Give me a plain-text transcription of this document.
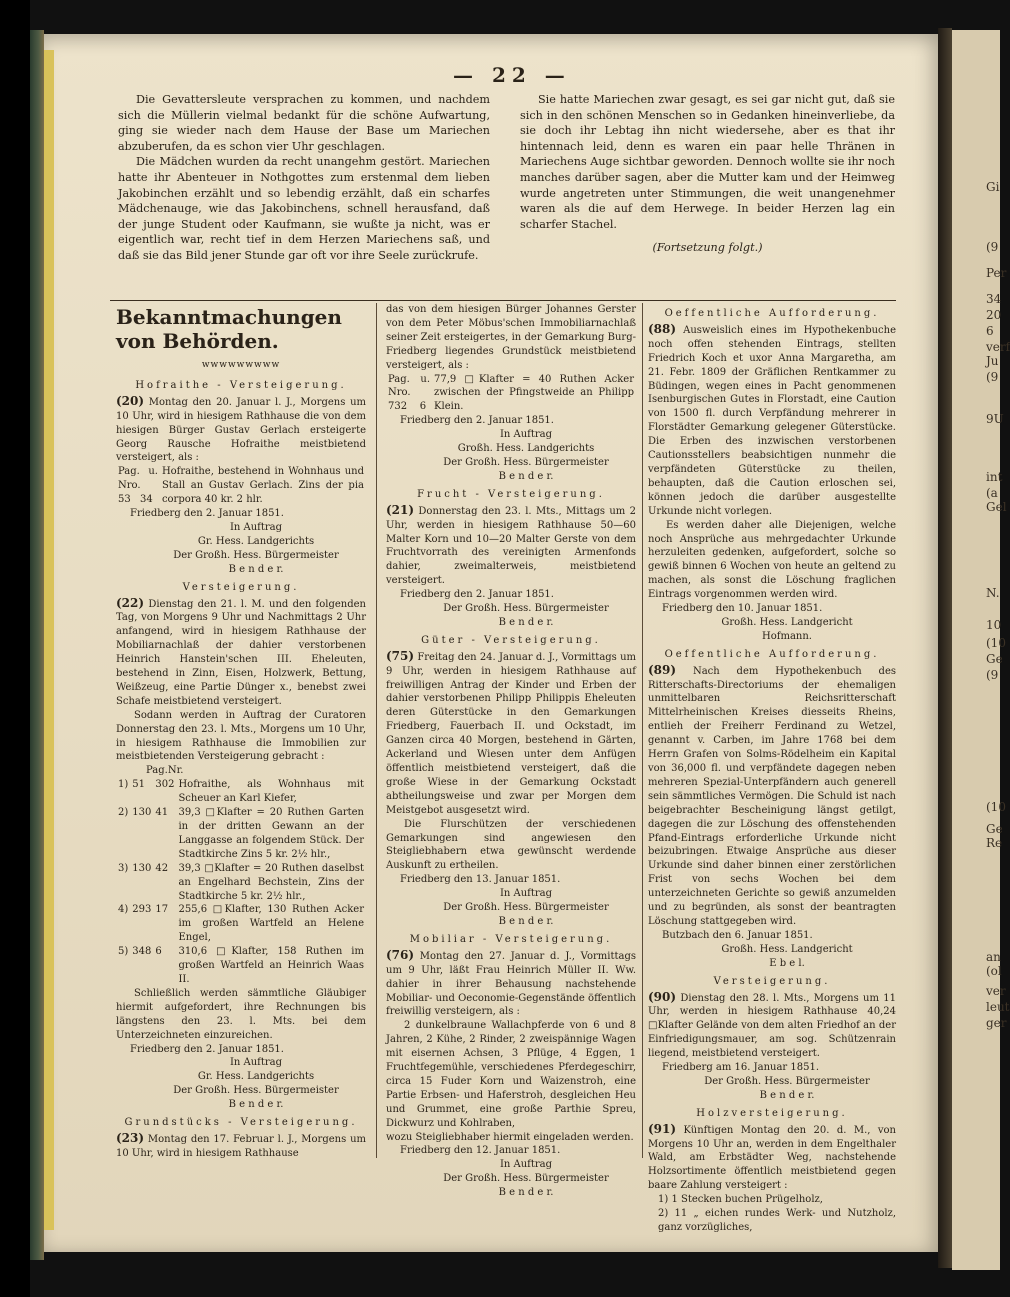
Gi
(9
Per
34
20
6
verf
Ju
(9
9U
int
(a
Gel
N.
10
(10
Ge
(9
(10
Ge
Re
an
(ol
ver
leut
ger
— 22 —

Die Gevattersleute versprachen zu kommen, und nachdem sich die Müllerin vielmal bedankt für die schöne Aufwartung, ging sie wieder nach dem Hause der Base um Mariechen abzuberufen, da es schon vier Uhr geschlagen.

Die Mädchen wurden da recht unangehm gestört. Mariechen hatte ihr Abenteuer in Nothgottes zum erstenmal dem lieben Jakobinchen erzählt und so lebendig erzählt, daß ein scharfes Mädchenauge, wie das Jakobinchens, schnell herausfand, daß der junge Student oder Kaufmann, sie wußte ja nicht, was er eigentlich war, recht tief in dem Herzen Mariechens saß, und daß sie das Bild jener Stunde gar oft vor ihre Seele zurückrufe.

Sie hatte Mariechen zwar gesagt, es sei gar nicht gut, daß sie sich in den schönen Menschen so in Gedanken hineinverliebe, da sie doch ihr Lebtag ihn nicht wiedersehe, aber es that ihr hintennach leid, denn es waren ein paar helle Thränen in Mariechens Auge sichtbar geworden. Dennoch wollte sie ihr noch manches darüber sagen, aber die Mutter kam und der Heimweg wurde angetreten unter Stimmungen, die weit unangenehmer waren als die auf dem Herwege. In beider Herzen lag ein scharfer Stachel.

(Fortsetzung folgt.)

Bekanntmachungen von Behörden.
wwwwwwwww
Hofraithe - Versteigerung.

(20) Montag den 20. Januar l. J., Morgens um 10 Uhr, wird in hiesigem Rathhause die von dem hiesigen Bürger Gustav Gerlach ersteigerte Georg Rausche Hofraithe meistbietend versteigert, als :

Pag. u. Nro.		Hofraithe, bestehend in Wohnhaus und Stall an Gustav Gerlach. Zins der pia corpora 40 kr. 2 hlr.
53	34	

Friedberg den 2. Januar 1851.

In Auftrag

Gr. Hess. Landgerichts

Der Großh. Hess. Bürgermeister

B e n d e r.

Versteigerung.

(22) Dienstag den 21. l. M. und den folgenden Tag, von Morgens 9 Uhr und Nachmittags 2 Uhr anfangend, wird in hiesigem Rathhause der Mobiliarnachlaß der dahier verstorbenen Heinrich Hanstein'schen III. Eheleuten, bestehend in Zinn, Eisen, Holzwerk, Bettung, Weißzeug, eine Partie Dünger x., benebst zwei Schafe meistbietend versteigert.

Sodann werden in Auftrag der Curatoren Donnerstag den 23. l. Mts., Morgens um 10 Uhr, in hiesigem Rathhause die Immobilien zur meistbietenden Versteigerung gebracht :

Pag.Nr.

1)	51	302	Hofraithe, als Wohnhaus mit Scheuer an Karl Kiefer,
2)	130	41	39,3 □Klafter = 20 Ruthen Garten in der dritten Gewann an der Langgasse an folgendem Stück. Der Stadtkirche Zins 5 kr. 2½ hlr.,
3)	130	42	39,3 □Klafter = 20 Ruthen daselbst an Engelhard Bechstein, Zins der Stadtkirche 5 kr. 2½ hlr.,
4)	293	17	255,6 □Klafter, 130 Ruthen Acker im großen Wartfeld an Helene Engel,
5)	348	6	310,6 □Klafter, 158 Ruthen im großen Wartfeld an Heinrich Waas II.

Schließlich werden sämmtliche Gläubiger hiermit aufgefordert, ihre Rechnungen bis längstens den 23. l. Mts. bei dem Unterzeichneten einzureichen.

Friedberg den 2. Januar 1851.

In Auftrag

Gr. Hess. Landgerichts

Der Großh. Hess. Bürgermeister

B e n d e r.

Grundstücks - Versteigerung.

(23) Montag den 17. Februar l. J., Morgens um 10 Uhr, wird in hiesigem Rathhause

das von dem hiesigen Bürger Johannes Gerster von dem Peter Möbus'schen Immobiliarnachlaß seiner Zeit ersteigertes, in der Gemarkung Burg-Friedberg liegendes Grundstück meistbietend versteigert, als :

Pag. u. Nro.		77,9 □Klafter = 40 Ruthen Acker zwischen der Pfingstweide an Philipp Klein.
732	6	

Friedberg den 2. Januar 1851.

In Auftrag

Großh. Hess. Landgerichts

Der Großh. Hess. Bürgermeister

B e n d e r.

Frucht - Versteigerung.

(21) Donnerstag den 23. l. Mts., Mittags um 2 Uhr, werden in hiesigem Rathhause 50—60 Malter Korn und 10—20 Malter Gerste von dem Fruchtvorrath des vereinigten Armenfonds dahier, zweimalterweis, meistbietend versteigert.

Friedberg den 2. Januar 1851.

Der Großh. Hess. Bürgermeister

B e n d e r.

Güter - Versteigerung.

(75) Freitag den 24. Januar d. J., Vormittags um 9 Uhr, werden in hiesigem Rathhause auf freiwilligen Antrag der Kinder und Erben der dahier verstorbenen Philipp Philippis Eheleuten deren Güterstücke in den Gemarkungen Friedberg, Fauerbach II. und Ockstadt, im Ganzen circa 40 Morgen, bestehend in Gärten, Ackerland und Wiesen unter dem Anfügen öffentlich meistbietend versteigert, daß die große Wiese in der Gemarkung Ockstadt abtheilungsweise und zwar per Morgen dem Meistgebot ausgesetzt wird.

Die Flurschützen der verschiedenen Gemarkungen sind angewiesen den Steigliebhabern etwa gewünscht werdende Auskunft zu ertheilen.

Friedberg den 13. Januar 1851.

In Auftrag

Der Großh. Hess. Bürgermeister

B e n d e r.

Mobiliar - Versteigerung.

(76) Montag den 27. Januar d. J., Vormittags um 9 Uhr, läßt Frau Heinrich Müller II. Ww. dahier in ihrer Behausung nachstehende Mobiliar- und Oeconomie-Gegenstände öffentlich freiwillig versteigern, als :

2 dunkelbraune Wallachpferde von 6 und 8 Jahren, 2 Kühe, 2 Rinder, 2 zweispännige Wagen mit eisernen Achsen, 3 Pflüge, 4 Eggen, 1 Fruchtfegemühle, verschiedenes Pferdegeschirr, circa 15 Fuder Korn und Waizenstroh, eine Partie Erbsen- und Haferstroh, desgleichen Heu und Grummet, eine große Parthie Spreu, Dickwurz und Kohlraben,

wozu Steigliebhaber hiermit eingeladen werden.

Friedberg den 12. Januar 1851.

In Auftrag

Der Großh. Hess. Bürgermeister

B e n d e r.

Oeffentliche Aufforderung.

(88) Ausweislich eines im Hypothekenbuche noch offen stehenden Eintrags, stellten Friedrich Koch et uxor Anna Margaretha, am 21. Febr. 1809 der Gräflichen Rentkammer zu Büdingen, wegen eines in Pacht genommenen Isenburgischen Gutes in Florstadt, eine Caution von 1500 fl. durch Verpfändung mehrerer in Florstädter Gemarkung gelegener Güterstücke. Die Erben des inzwischen verstorbenen Cautionsstellers beabsichtigen nunmehr die verpfändeten Güterstücke zu theilen, behaupten, daß die Caution erloschen sei, können jedoch die darüber ausgestellte Urkunde nicht vorlegen.

Es werden daher alle Diejenigen, welche noch Ansprüche aus mehrgedachter Urkunde herzuleiten gedenken, aufgefordert, solche so gewiß binnen 6 Wochen von heute an geltend zu machen, als sonst die Löschung fraglichen Eintrags vorgenommen werden wird.

Friedberg den 10. Januar 1851.

Großh. Hess. Landgericht

Hofmann.

Oeffentliche Aufforderung.

(89) Nach dem Hypothekenbuch des Ritterschafts-Directoriums der ehemaligen unmittelbaren Reichsritterschaft Mittelrheinischen Kreises diesseits Rheins, entlieh der Freiherr Ferdinand zu Wetzel, genannt v. Carben, im Jahre 1768 bei dem Herrn Grafen von Solms-Rödelheim ein Kapital von 36,000 fl. und verpfändete dagegen neben mehreren Spezial-Unterpfändern auch generell sein sämmtliches Vermögen. Die Schuld ist nach beigebrachter Bescheinigung längst getilgt, dagegen die zur Löschung des offenstehenden Pfand-Eintrags erforderliche Urkunde nicht beizubringen. Etwaige Ansprüche aus dieser Urkunde sind daher binnen einer zerstörlichen Frist von sechs Wochen bei dem unterzeichneten Gerichte so gewiß anzumelden und zu begründen, als sonst der beantragten Löschung stattgegeben wird.

Butzbach den 6. Januar 1851.

Großh. Hess. Landgericht

E b e l.

Versteigerung.

(90) Dienstag den 28. l. Mts., Morgens um 11 Uhr, werden in hiesigem Rathhause 40,24 □Klafter Gelände von dem alten Friedhof an der Einfriedigungsmauer, am sog. Schützenrain liegend, meistbietend versteigert.

Friedberg am 16. Januar 1851.

Der Großh. Hess. Bürgermeister

B e n d e r.

Holzversteigerung.

(91) Künftigen Montag den 20. d. M., von Morgens 10 Uhr an, werden in dem Engelthaler Wald, am Erbstädter Weg, nachstehende Holzsortimente öffentlich meistbietend gegen baare Zahlung versteigert :

1) 1 Stecken buchen Prügelholz,

2) 11 „ eichen rundes Werk- und Nutzholz, ganz vorzügliches,
